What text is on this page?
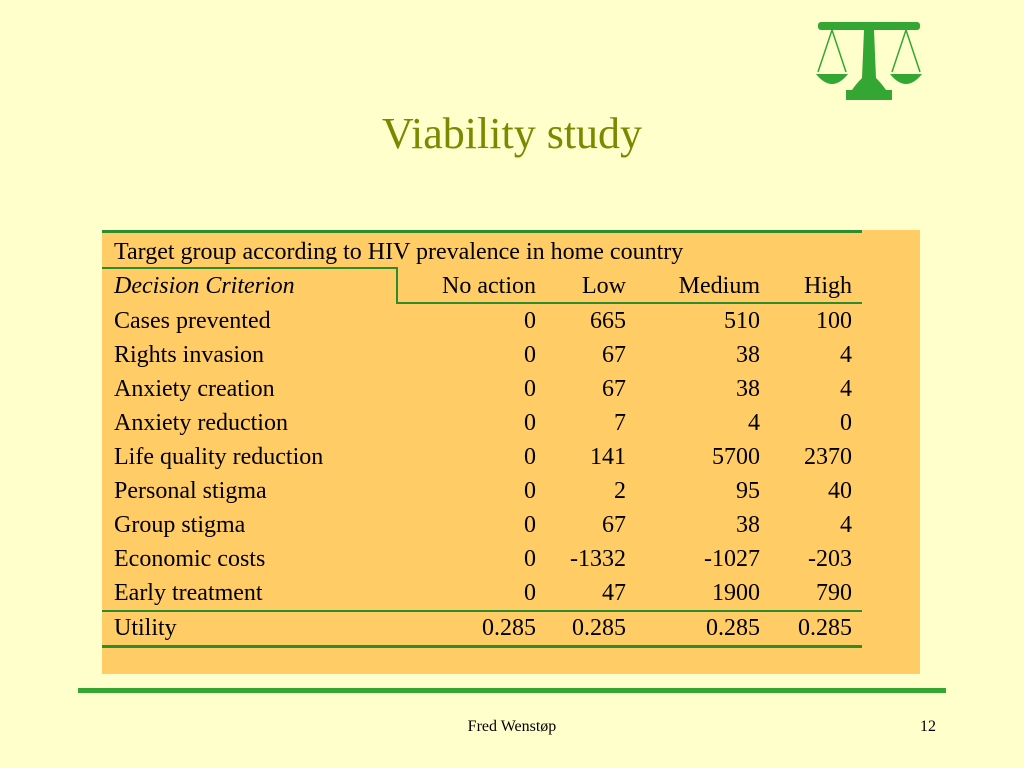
Viability study
Target group according to HIV prevalence in home country
Decision Criterion	No action	Low	Medium	High
Cases prevented	0	665	510	100
Rights invasion	0	67	38	4
Anxiety creation	0	67	38	4
Anxiety reduction	0	7	4	0
Life quality reduction	0	141	5700	2370
Personal stigma	0	2	95	40
Group stigma	0	67	38	4
Economic costs	0	-1332	-1027	-203
Early treatment	0	47	1900	790
Utility	0.285	0.285	0.285	0.285
Fred Wenstøp	12
